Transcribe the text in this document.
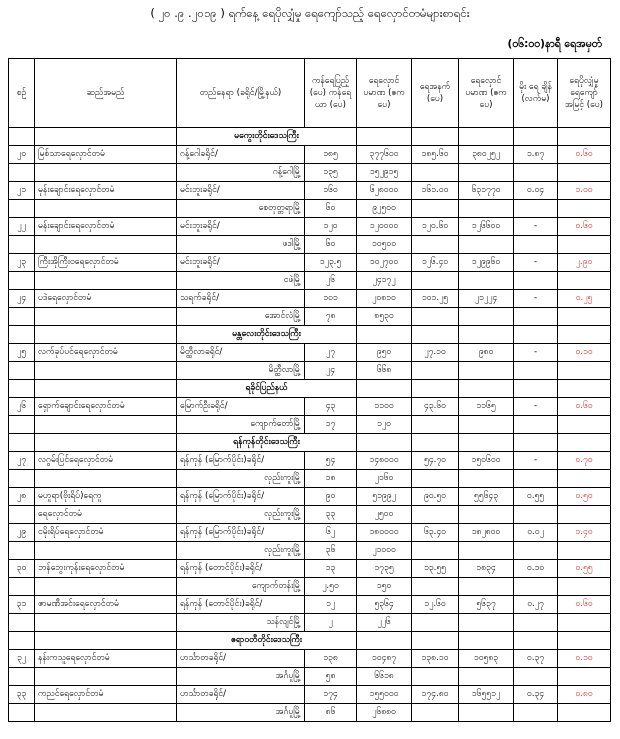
( ၂၀ .၉ .၂၀၁၉ ) ရက်နေ့ ရေပိုလျှံမှု ရေကျော်သည့် ရေလှောင်တမံများစာရင်း
(၀၆:၀၀)နာရီ ရေအမှတ်
စဉ်	ဆည်အမည်	တည်နေရာ (ခရိုင်/မြို့နယ်)	ကန်ရေပြည့် (ပေ) ကန်ရေယာ (ပေ)	ရေလှောင် ပမာဏ (ဧကပေ)	ရေအနက် (ပေ)	ရေလှောင် ပမာဏ (ဧကပေ)	မိုး ရေ ချိန် (လက်မ)	ရေပိုလျှံမှု ရေကျော် အမြင့် (ပေ)
		မကွေးတိုင်းဒေသကြီး						
၂၀	မြစ်သာရေလှောင်တမံ	ဂန့်ဂေါခရိုင်/	၁၈၅	၃၇၇၆၀၀	၁၈၅.၆၀	၃၈၀၂၅၂	၁.၈၇	၀.၆၀
		ဂန့်ဂေါမြို့	၁၃၅	၁၅၂၉၁၅				
၂၁	မုန်းချောင်းရေလှောင်တမံ	မင်းဘူးခရိုင်/	၁၆၀	၆၂၈၀၀၀	၁၆၁.၀၀	၆၃၁၇၇၀	၀.၀၄	၁.၀၀
		စေတုတ္တရာမြို့	၆၀	၉၂၅၀၀				
၂၂	မန်းချောင်းရေလှောင်တမံ	မင်းဘူးခရိုင်/	၁၂၀	၁၂၀၀၀၀	၁၂၀.၆၀	၁၂၆၆၀၀	-	၀.၆၀
		ဖဒါမြို့	၆၀	၁၀၅၀၀				
၂၃	ကြီးအိုကြီးဝရေလှောင်တမံ	မင်းဘူးခရိုင်/	၁၂၃.၅	၁၀၂၇၀၀	၁၂၆.၄၀	၁၂၉၉၆၀	-	၂.၉၀
		ငဖဲမြို့	၂၆	၂၄၁၇၂				
၂၄	ပဒဲရေလှောင်တမံ	သရက်ခရိုင်/	၁၀၁	၂၀၈၁၀	၁၀၁.၂၅	၂၁၂၂၄	-	၀.၂၅
		အောင်လံမြို့	၇၈	၈၅၃၀				
		မန္တလေးတိုင်းဒေသကြီး						
၂၅	လက်ခုပ်ပင်ရေလှောင်တမံ	မိတ္ထီလာခရိုင်/	၂၇	၉၅၀	၂၇.၁၀	၉၈၀	-	၀.၁၀
		မိတ္ထီလာမြို့	၂၄	၆၆၈				
		ရခိုင်ပြည်နယ်						
၂၆	ရှောက်ချောင်းရေလှောင်တမံ	မြောက်ဦးခရိုင်/	၄၃	၁၁၀၀	၄၃.၆၀	၁၁၆၅	-	၀.၆၀
		ကျောက်တော်မြို့	၁၇	၁၂၀				
		ရန်ကုန်တိုင်းဒေသကြီး						
၂၇	လဂွမ်းပြင်ရေလှောင်တမံ	ရန်ကုန် (မြောက်ပိုင်း)ခရိုင်/	၅၄	၁၄၈၀၀၀	၅၄.၇၀	၁၅၀၆၀၀	-	၀.၇၀
		လှည်းကူးမြို့	၁၈	၂၁၆၀				
၂၈	မဟူရာ(ဗိုးရိပ်)ရေကူ	ရန်ကုန် (မြောက်ပိုင်း)ခရိုင်/	၉၀	၅၁၉၉၂	၉၀.၅၀	၅၅၆၄၃	၀.၅၅	၀.၅၀
	ရေလှောင်တမံ	လှည်းကူးမြို့	၃၃	၂၅၀၀				
၂၉	ငမိုးရိပ်ရေလှောင်တမံ	ရန်ကုန် (မြောက်ပိုင်း)ခရိုင်/	၆၂	၁၈၀၀၀၀	၆၃.၄၀	၁၈၂၈၀၀	၀.၀၂	၁.၄၀
		လှည်းကူးမြို့	၃၆	၂၁၀၀၀				
၃၀	ဘန်ဘွေးကုန်းရေလှောင်တမံ	ရန်ကုန် (တောင်ပိုင်း)ခရိုင်/	၁၃	၁၇၃၅	၁၃.၅၅	၁၈၃၄	၀.၁၀	၀.၅၅
		ကျောက်တန်းမြို့	၂.၅၀	၁၅၀				
၃၁	ဇာမဏီအင်းရေလှောင်တမံ	ရန်ကုန် (တောင်ပိုင်း)ခရိုင်/	၁၂	၅၃၆၄	၁၂.၆၀	၅၆၃၇	၀.၂၇	၀.၆၀
		သန်လျင်မြို့	၂	၂၂၆				
		ဧရာဝတီတိုင်းဒေသကြီး						
၃၂	နန်းကသူရေလှောင်တမံ	ဟင်္သာတခရိုင်/	၁၃၈	၁၀၄၈၇	၁၃၈.၁၀	၁၀၅၈၃	၀.၃၇	၀.၁၀
		အင်္ဂပူမြို့	၅၈	၆၆၁၈				
၃၃	ကညင်ရေလှောင်တမံ	ဟင်္သာတခရိုင်/	၁၇၄	၁၅၅၀၀၀	၁၇၄.၈၀	၁၆၅၅၁၂	၀.၃၄	၀.၈၀
		အင်္ဂပူမြို့	၈၆	၂၆၈၈၀				
